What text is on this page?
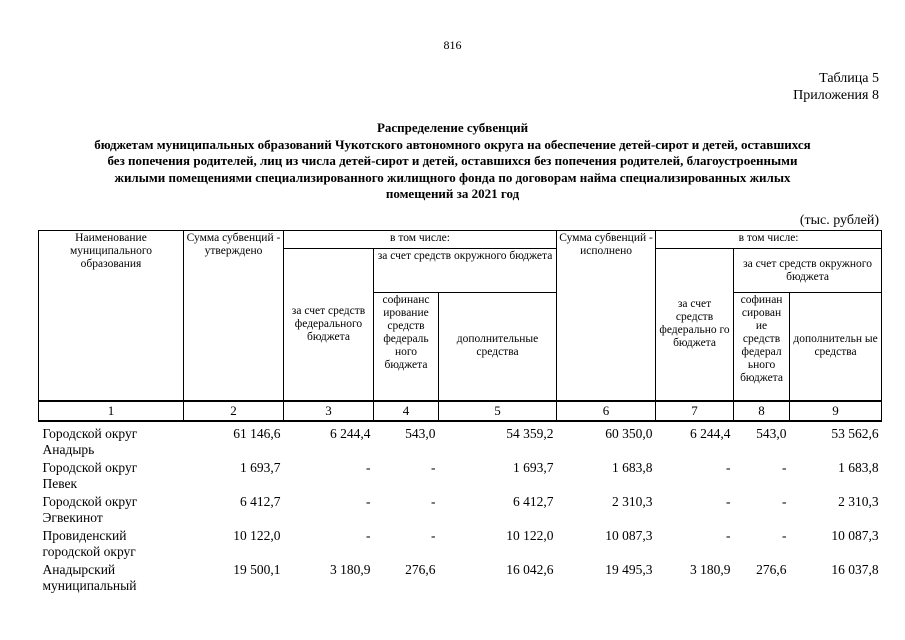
816
Таблица 5
Приложения 8
Распределение субвенций
бюджетам муниципальных образований Чукотского автономного округа на обеспечение детей-сирот и детей, оставшихся
без попечения родителей, лиц из числа детей-сирот и детей, оставшихся без попечения родителей, благоустроенными
жилыми помещениями специализированного жилищного фонда по договорам найма специализированных жилых
помещений за 2021 год
(тыс. рублей)
Наименование муниципального образования	Сумма субвенций - утверждено	в том числе:			Сумма субвенций - исполнено	в том числе:		
		за счет средств федерального бюджета	за счет средств окружного бюджета			за счет средств федерально го бюджета	за счет средств окружного бюджета	
			софинанс ирование средств федераль ного бюджета	дополнительные средства			софинан сирован ие средств федерал ьного бюджета	дополнительн ые средства
1	2	3	4	5	6	7	8	9

Городской округ
Анадырь	61 146,6	6 244,4	543,0	54 359,2	60 350,0	6 244,4	543,0	53 562,6

Городской округ
Певек	1 693,7	-	-	1 693,7	1 683,8	-	-	1 683,8

Городской округ
Эгвекинот	6 412,7	-	-	6 412,7	2 310,3	-	-	2 310,3

Провиденский
городской округ	10 122,0	-	-	10 122,0	10 087,3	-	-	10 087,3

Анадырский
муниципальный	19 500,1	3 180,9	276,6	16 042,6	19 495,3	3 180,9	276,6	16 037,8
